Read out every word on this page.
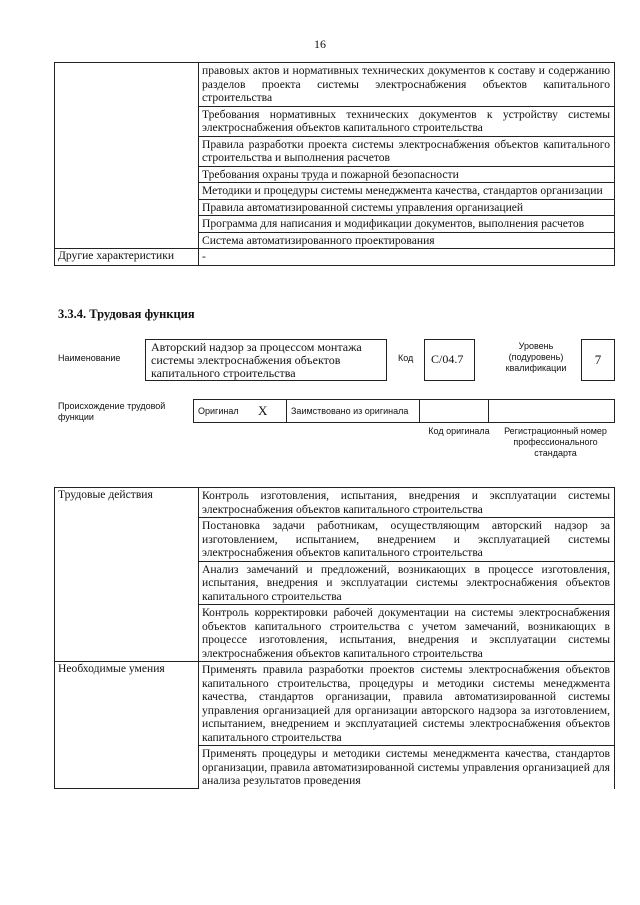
16
	правовых актов и нормативных технических документов к составу и содержанию разделов проекта системы электроснабжения объектов капитального строительства
	Требования нормативных технических документов к устройству системы электроснабжения объектов капитального строительства
	Правила разработки проекта системы электроснабжения объектов капитального строительства и выполнения расчетов
	Требования охраны труда и пожарной безопасности
	Методики и процедуры системы менеджмента качества, стандартов организации
	Правила автоматизированной системы управления организацией
	Программа для написания и модификации документов, выполнения расчетов
	Система автоматизированного проектирования
Другие характеристики	-
3.3.4. Трудовая функция
Наименование
Авторский надзор за процессом монтажа системы электроснабжения объектов капитального строительства
Код	С/04.7
Уровень (подуровень) квалификации
7
Происхождение трудовой функции
Оригинал	X	Заимствовано из оригинала		
Код оригинала	Регистрационный номер профессионального стандарта
Трудовые действия	Контроль изготовления, испытания, внедрения и эксплуатации системы электроснабжения объектов капитального строительства
	Постановка задачи работникам, осуществляющим авторский надзор за изготовлением, испытанием, внедрением и эксплуатацией системы электроснабжения объектов капитального строительства
	Анализ замечаний и предложений, возникающих в процессе изготовления, испытания, внедрения и эксплуатации системы электроснабжения объектов капитального строительства
	Контроль корректировки рабочей документации на системы электроснабжения объектов капитального строительства с учетом замечаний, возникающих в процессе изготовления, испытания, внедрения и эксплуатации системы электроснабжения объектов капитального строительства
Необходимые умения	Применять правила разработки проектов системы электроснабжения объектов капитального строительства, процедуры и методики системы менеджмента качества, стандартов организации, правила автоматизированной системы управления организацией для организации авторского надзора за изготовлением, испытанием, внедрением и эксплуатацией системы электроснабжения объектов капитального строительства
	Применять процедуры и методики системы менеджмента качества, стандартов организации, правила автоматизированной системы управления организацией для анализа результатов проведения
